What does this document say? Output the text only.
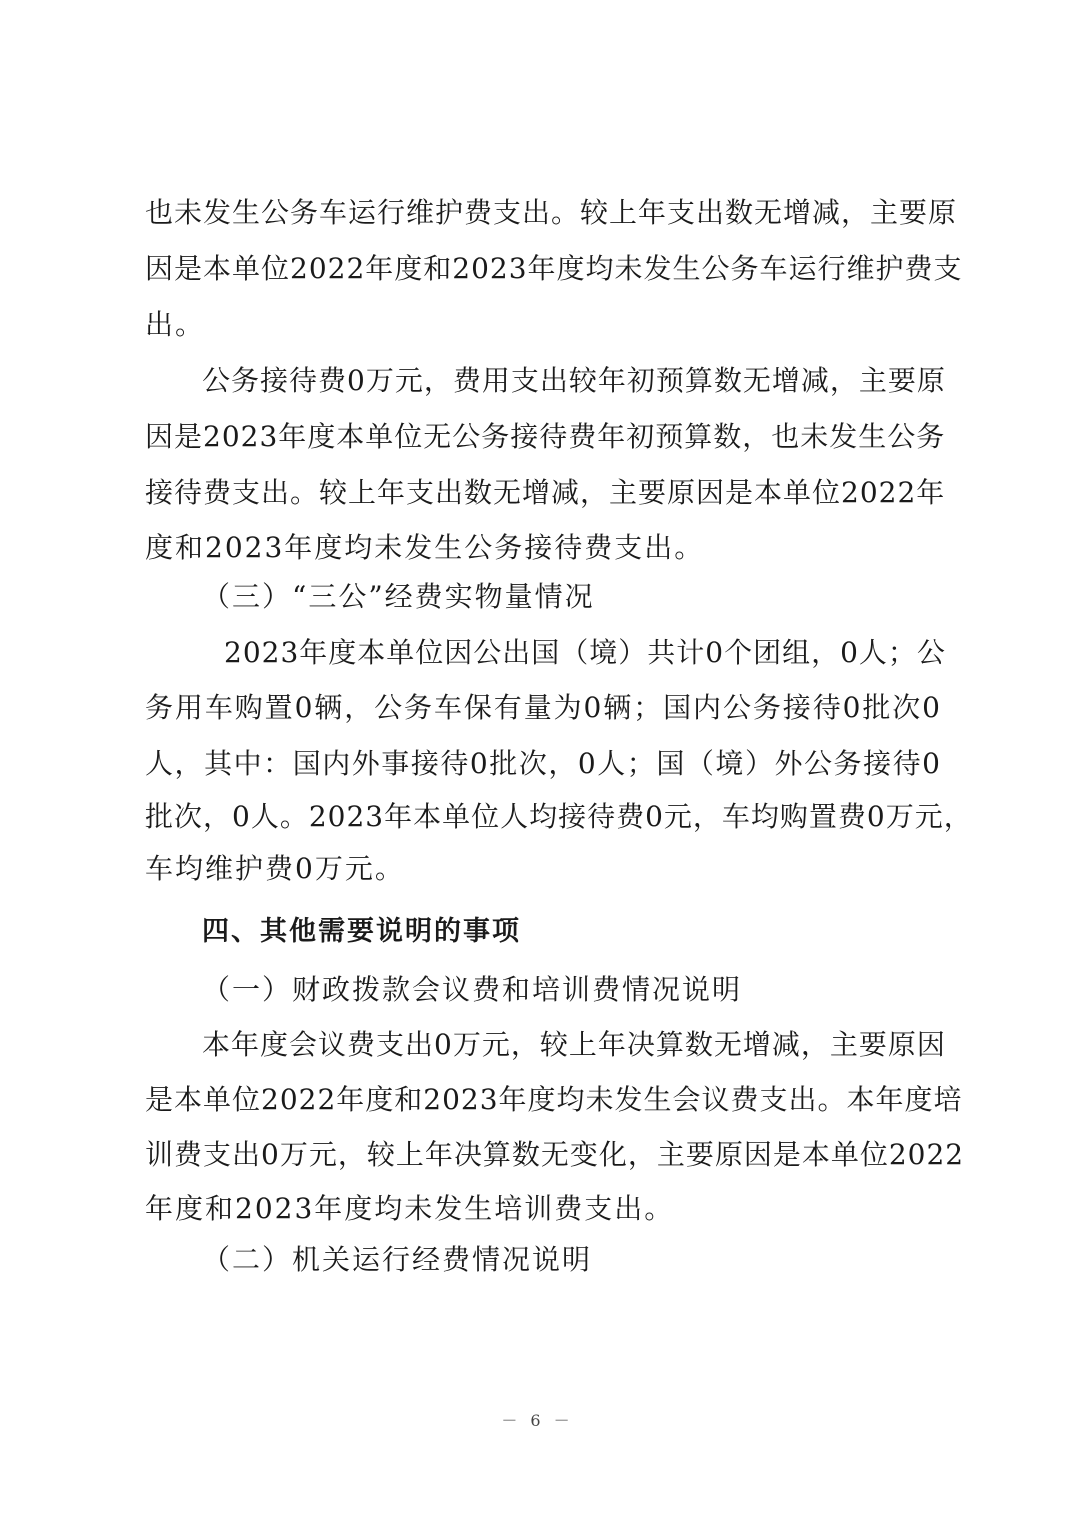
也未发生公务车运行维护费支出。较上年支出数无增减，主要原
因是本单位2022年度和2023年度均未发生公务车运行维护费支
出。
公务接待费0万元，费用支出较年初预算数无增减，主要原
因是2023年度本单位无公务接待费年初预算数，也未发生公务
接待费支出。较上年支出数无增减，主要原因是本单位2022年
度和2023年度均未发生公务接待费支出。
（三）“三公”经费实物量情况
2023年度本单位因公出国（境）共计0个团组，0人；公
务用车购置0辆，公务车保有量为0辆；国内公务接待0批次0
人，其中：国内外事接待0批次，0人；国（境）外公务接待0
批次，0人。2023年本单位人均接待费0元，车均购置费0万元，
车均维护费0万元。
四、其他需要说明的事项
（一）财政拨款会议费和培训费情况说明
本年度会议费支出0万元，较上年决算数无增减，主要原因
是本单位2022年度和2023年度均未发生会议费支出。本年度培
训费支出0万元，较上年决算数无变化，主要原因是本单位2022
年度和2023年度均未发生培训费支出。
（二）机关运行经费情况说明
－ 6 －
